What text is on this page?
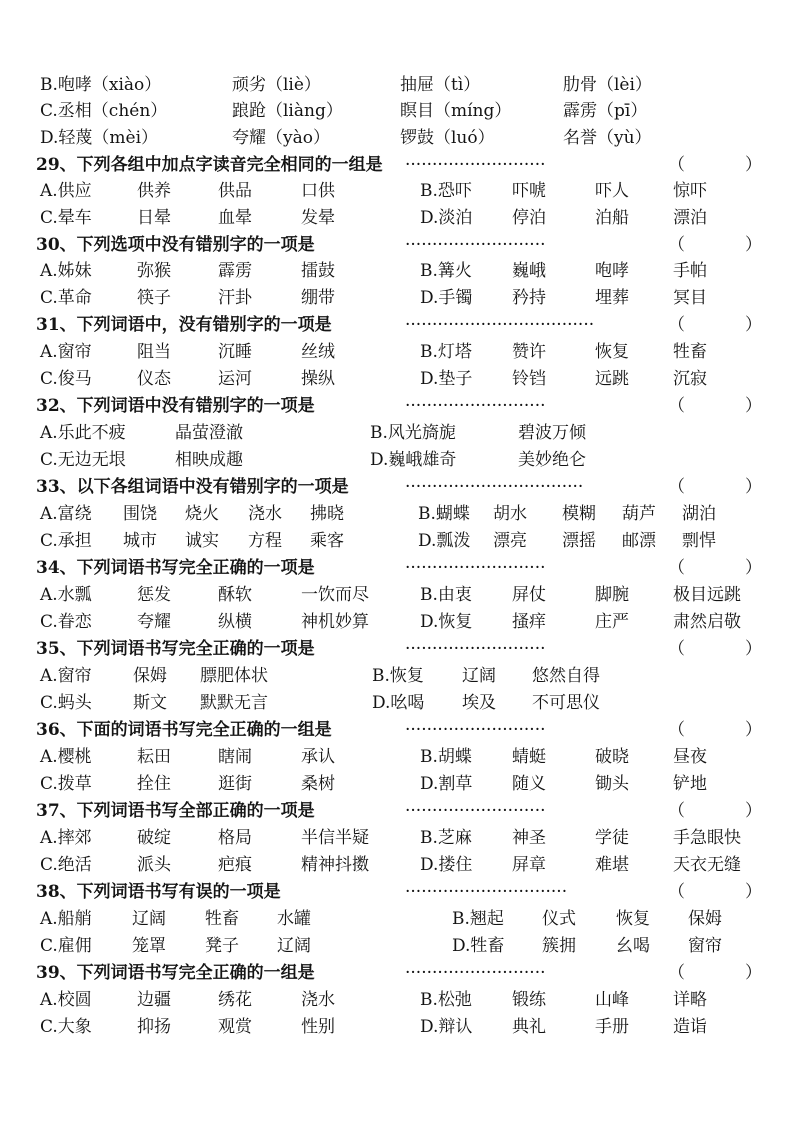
B.咆哮（xiào）	顽劣（liè）	抽屉（tì）	肋骨（lèi）
C.丞相（chén）	踉跄（liàng）	瞑目（míng）	霹雳（pī）
D.轻蔑（mèi）	夸耀（yào）	锣鼓（luó）	名誉（yù）
29、下列各组中加点字读音完全相同的一组是 ··························	（	）
A.供应	供养	供品	口供	B.恐吓 吓唬	吓人	惊吓
C.晕车	日晕	血晕	发晕	D.淡泊 停泊	泊船	漂泊
30、下列选项中没有错别字的一项是	··························	（	）
A.姊妹	弥猴	霹雳	擂鼓	B.篝火 巍峨	咆哮	手帕
C.革命	筷子	汗卦	绷带	D.手镯 矜持	埋葬	冥目
31、下列词语中，没有错别字的一项是	···································	（	）
A.窗帘	阻当	沉睡	丝绒	B.灯塔 赞许	恢复	牲畜
C.俊马	仪态	运河	操纵	D.垫子 铃铛	远跳	沉寂
32、下列词语中没有错别字的一项是	··························	（	）
A.乐此不疲	晶萤澄澈	B.风光旖旎	碧波万倾
C.无边无垠	相映成趣	D.巍峨雄奇	美妙绝仑
33、以下各组词语中没有错别字的一项是	·································	（	）
A.富绕 围饶 烧火 浇水 拂晓	B.蝴蝶 胡水 模糊 葫芦 湖泊
C.承担 城市 诚实 方程 乘客	D.瓢泼 漂亮 漂摇 邮漂 剽悍
34、下列词语书写完全正确的一项是	··························	（	）
A.水瓢	惩发	酥软	一饮而尽	B.由衷 屏仗	脚腕	极目远跳
C.眷恋	夸耀	纵横	神机妙算	D.恢复 搔痒	庄严	肃然启敬
35、下列词语书写完全正确的一项是	··························	（	）
A.窗帘 保姆 膘肥体状	B.恢复 辽阔 悠然自得
C.蚂头 斯文 默默无言	D.吆喝 埃及 不可思仪
36、下面的词语书写完全正确的一组是	··························	（	）
A.樱桃	耘田	瞎闹	承认	B.胡蝶 蜻蜓	破晓	昼夜
C.拨草	拴住	逛街	桑树	D.割草 随义	锄头	铲地
37、下列词语书写全部正确的一项是	··························	（	）
A.摔郊	破绽	格局	半信半疑	B.芝麻 神圣	学徒	手急眼快
C.绝活	派头	疤痕	精神抖擞	D.搂住 屏章	难堪	天衣无缝
38、下列词语书写有误的一项是	······························	（	）
A.船艄 辽阔 牲畜 水罐	B.翘起 仪式 恢复 保姆
C.雇佣 笼罩 凳子 辽阔	D.牲畜 簇拥 幺喝 窗帘
39、下列词语书写完全正确的一组是	··························	（	）
A.校圆	边疆	绣花	浇水	B.松弛 锻练	山峰	详略
C.大象	抑扬	观赏	性别	D.辩认 典礼	手册	造诣
